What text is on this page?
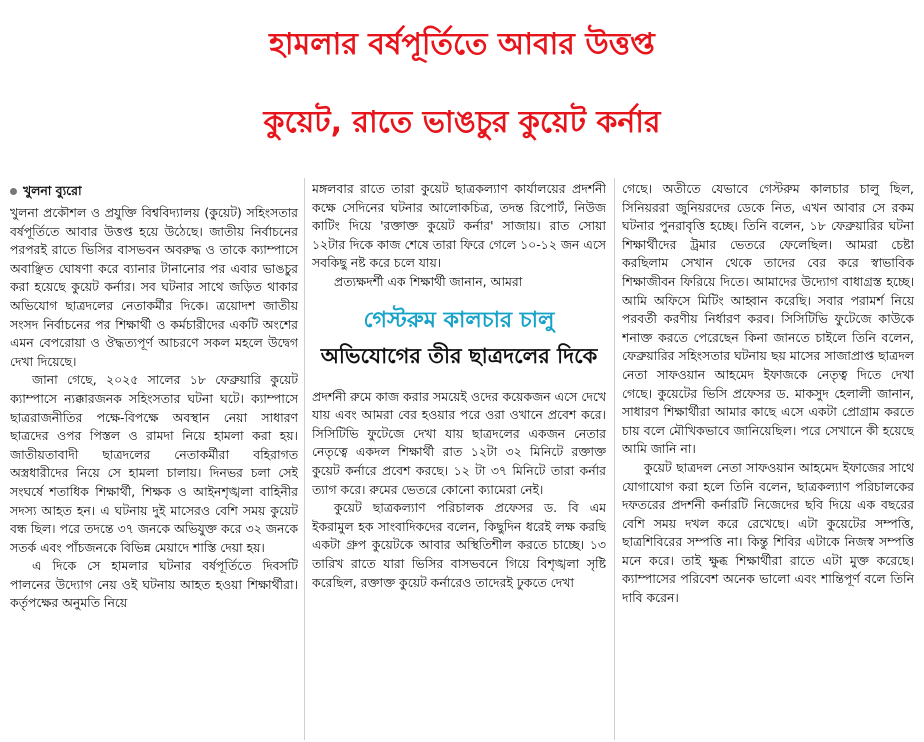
হামলার বর্ষপূর্তিতে আবার উত্তপ্ত
কুয়েট, রাতে ভাঙচুর কুয়েট কর্নার
খুলনা ব্যুরো

খুলনা প্রকৌশল ও প্রযুক্তি বিশ্ববিদ্যালয় (কুয়েট) সহিংসতার বর্ষপূর্তিতে আবার উত্তপ্ত হয়ে উঠেছে। জাতীয় নির্বাচনের পরপরই রাতে ভিসির বাসভবন অবরুদ্ধ ও তাকে ক্যাম্পাসে অবাঞ্ছিত ঘোষণা করে ব্যানার টানানোর পর এবার ভাঙচুর করা হয়েছে কুয়েট কর্নার। সব ঘটনার সাথে জড়িত থাকার অভিযোগ ছাত্রদলের নেতাকর্মীর দিকে। ত্রয়োদশ জাতীয় সংসদ নির্বাচনের পর শিক্ষার্থী ও কর্মচারীদের একটি অংশের এমন বেপরোয়া ও ঔদ্ধত্যপূর্ণ আচরণে সকল মহলে উদ্বেগ দেখা দিয়েছে।

জানা গেছে, ২০২৫ সালের ১৮ ফেব্রুয়ারি কুয়েট ক্যাম্পাসে ন্যক্কারজনক সহিংসতার ঘটনা ঘটে। ক্যাম্পাসে ছাত্ররাজনীতির পক্ষে-বিপক্ষে অবস্থান নেয়া সাধারণ ছাত্রদের ওপর পিস্তল ও রামদা নিয়ে হামলা করা হয়। জাতীয়তাবাদী ছাত্রদলের নেতাকর্মীরা বহিরাগত অস্ত্রধারীদের নিয়ে সে হামলা চালায়। দিনভর চলা সেই সংঘর্ষে শতাধিক শিক্ষার্থী, শিক্ষক ও আইনশৃঙ্খলা বাহিনীর সদস্য আহত হন। এ ঘটনায় দুই মাসেরও বেশি সময় কুয়েট বন্ধ ছিল। পরে তদন্তে ৩৭ জনকে অভিযুক্ত করে ৩২ জনকে সতর্ক এবং পাঁচজনকে বিভিন্ন মেয়াদে শাস্তি দেয়া হয়।

এ দিকে সে হামলার ঘটনার বর্ষপূর্তিতে দিবসটি পালনের উদ্যোগ নেয় ওই ঘটনায় আহত হওয়া শিক্ষার্থীরা। কর্তৃপক্ষের অনুমতি নিয়ে

মঙ্গলবার রাতে তারা কুয়েট ছাত্রকল্যাণ কার্যালয়ের প্রদর্শনী কক্ষে সেদিনের ঘটনার আলোকচিত্র, তদন্ত রিপোর্ট, নিউজ কাটিং দিয়ে 'রক্তাক্ত কুয়েট কর্নার' সাজায়। রাত সোয়া ১২টার দিকে কাজ শেষে তারা ফিরে গেলে ১০-১২ জন এসে সবকিছু নষ্ট করে চলে যায়।

প্রত্যক্ষদর্শী এক শিক্ষার্থী জানান, আমরা

গেস্টরুম কালচার চালু
অভিযোগের তীর ছাত্রদলের দিকে

প্রদর্শনী রুমে কাজ করার সময়েই ওদের কয়েকজন এসে দেখে যায় এবং আমরা বের হওয়ার পরে ওরা ওখানে প্রবেশ করে। সিসিটিভি ফুটেজে দেখা যায় ছাত্রদলের একজন নেতার নেতৃত্বে একদল শিক্ষার্থী রাত ১২টা ৩২ মিনিটে রক্তাক্ত কুয়েট কর্নারে প্রবেশ করছে। ১২ টা ৩৭ মিনিটে তারা কর্নার ত্যাগ করে। রুমের ভেতরে কোনো ক্যামেরা নেই।

কুয়েট ছাত্রকল্যাণ পরিচালক প্রফেসর ড. বি এম ইকরামুল হক সাংবাদিকদের বলেন, কিছুদিন ধরেই লক্ষ করছি একটা গ্রুপ কুয়েটকে আবার অস্থিতিশীল করতে চাচ্ছে। ১৩ তারিখ রাতে যারা ভিসির বাসভবনে গিয়ে বিশৃঙ্খলা সৃষ্টি করেছিল, রক্তাক্ত কুয়েট কর্নারেও তাদেরই ঢুকতে দেখা

গেছে। অতীতে যেভাবে গেস্টরুম কালচার চালু ছিল, সিনিয়ররা জুনিয়রদের ডেকে নিত, এখন আবার সে রকম ঘটনার পুনরাবৃত্তি হচ্ছে। তিনি বলেন, ১৮ ফেব্রুয়ারির ঘটনা শিক্ষার্থীদের ট্রমার ভেতরে ফেলেছিল। আমরা চেষ্টা করছিলাম সেখান থেকে তাদের বের করে স্বাভাবিক শিক্ষাজীবন ফিরিয়ে দিতে। আমাদের উদ্যোগ বাধাগ্রস্ত হচ্ছে। আমি অফিসে মিটিং আহ্বান করেছি। সবার পরামর্শ নিয়ে পরবর্তী করণীয় নির্ধারণ করব। সিসিটিভি ফুটেজে কাউকে শনাক্ত করতে পেরেছেন কিনা জানতে চাইলে তিনি বলেন, ফেব্রুয়ারির সহিংসতার ঘটনায় ছয় মাসের সাজাপ্রাপ্ত ছাত্রদল নেতা সাফওয়ান আহমেদ ইফাজকে নেতৃত্ব দিতে দেখা গেছে। কুয়েটের ভিসি প্রফেসর ড. মাকসুদ হেলালী জানান, সাধারণ শিক্ষার্থীরা আমার কাছে এসে একটা প্রোগ্রাম করতে চায় বলে মৌখিকভাবে জানিয়েছিল। পরে সেখানে কী হয়েছে আমি জানি না।

কুয়েট ছাত্রদল নেতা সাফওয়ান আহমেদ ইফাজের সাথে যোগাযোগ করা হলে তিনি বলেন, ছাত্রকল্যাণ পরিচালকের দফতরের প্রদর্শনী কর্নারটি নিজেদের ছবি দিয়ে এক বছরের বেশি সময় দখল করে রেখেছে। এটা কুয়েটের সম্পত্তি, ছাত্রশিবিরের সম্পত্তি না। কিন্তু শিবির এটাকে নিজস্ব সম্পত্তি মনে করে। তাই ক্ষুব্ধ শিক্ষার্থীরা রাতে এটা মুক্ত করেছে। ক্যাম্পাসের পরিবেশ অনেক ভালো এবং শান্তিপূর্ণ বলে তিনি দাবি করেন।
